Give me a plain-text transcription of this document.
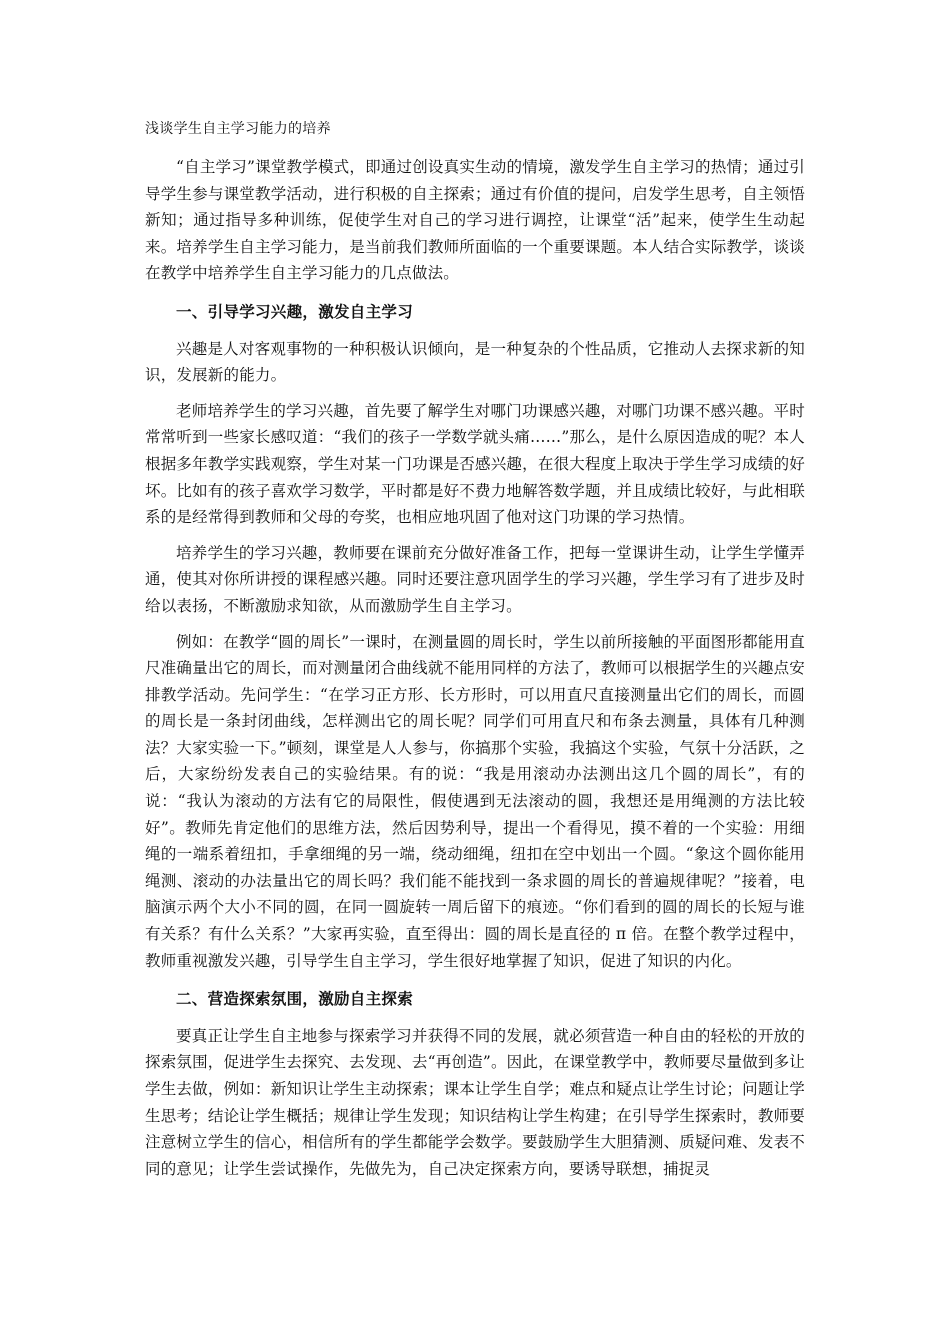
浅谈学生自主学习能力的培养

“自主学习”课堂教学模式，即通过创设真实生动的情境，激发学生自主学习的热情；通过引导学生参与课堂教学活动，进行积极的自主探索；通过有价值的提问，启发学生思考，自主领悟新知；通过指导多种训练，促使学生对自己的学习进行调控，让课堂“活”起来，使学生生动起来。培养学生自主学习能力，是当前我们教师所面临的一个重要课题。本人结合实际教学，谈谈在教学中培养学生自主学习能力的几点做法。

一、引导学习兴趣，激发自主学习

兴趣是人对客观事物的一种积极认识倾向，是一种复杂的个性品质，它推动人去探求新的知识，发展新的能力。

老师培养学生的学习兴趣，首先要了解学生对哪门功课感兴趣，对哪门功课不感兴趣。平时常常听到一些家长感叹道：“我们的孩子一学数学就头痛……”那么，是什么原因造成的呢？本人根据多年教学实践观察，学生对某一门功课是否感兴趣，在很大程度上取决于学生学习成绩的好坏。比如有的孩子喜欢学习数学，平时都是好不费力地解答数学题，并且成绩比较好，与此相联系的是经常得到教师和父母的夸奖，也相应地巩固了他对这门功课的学习热情。

培养学生的学习兴趣，教师要在课前充分做好准备工作，把每一堂课讲生动，让学生学懂弄通，使其对你所讲授的课程感兴趣。同时还要注意巩固学生的学习兴趣，学生学习有了进步及时给以表扬，不断激励求知欲，从而激励学生自主学习。

例如：在教学“圆的周长”一课时，在测量圆的周长时，学生以前所接触的平面图形都能用直尺准确量出它的周长，而对测量闭合曲线就不能用同样的方法了，教师可以根据学生的兴趣点安排教学活动。先问学生：“在学习正方形、长方形时，可以用直尺直接测量出它们的周长，而圆的周长是一条封闭曲线，怎样测出它的周长呢？同学们可用直尺和布条去测量，具体有几种测法？大家实验一下。”顿刻，课堂是人人参与，你搞那个实验，我搞这个实验，气氛十分活跃，之后，大家纷纷发表自己的实验结果。有的说：“我是用滚动办法测出这几个圆的周长”，有的说：“我认为滚动的方法有它的局限性，假使遇到无法滚动的圆，我想还是用绳测的方法比较好”。教师先肯定他们的思维方法，然后因势利导，提出一个看得见，摸不着的一个实验：用细绳的一端系着纽扣，手拿细绳的另一端，绕动细绳，纽扣在空中划出一个圆。“象这个圆你能用绳测、滚动的办法量出它的周长吗？我们能不能找到一条求圆的周长的普遍规律呢？”接着，电脑演示两个大小不同的圆，在同一圆旋转一周后留下的痕迹。“你们看到的圆的周长的长短与谁有关系？有什么关系？”大家再实验，直至得出：圆的周长是直径的 π 倍。在整个教学过程中，教师重视激发兴趣，引导学生自主学习，学生很好地掌握了知识，促进了知识的内化。

二、营造探索氛围，激励自主探索

要真正让学生自主地参与探索学习并获得不同的发展，就必须营造一种自由的轻松的开放的探索氛围，促进学生去探究、去发现、去“再创造”。因此，在课堂教学中，教师要尽量做到多让学生去做，例如：新知识让学生主动探索；课本让学生自学；难点和疑点让学生讨论；问题让学生思考；结论让学生概括；规律让学生发现；知识结构让学生构建；在引导学生探索时，教师要注意树立学生的信心，相信所有的学生都能学会数学。要鼓励学生大胆猜测、质疑问难、发表不同的意见；让学生尝试操作，先做先为，自己决定探索方向，要诱导联想，捕捉灵
